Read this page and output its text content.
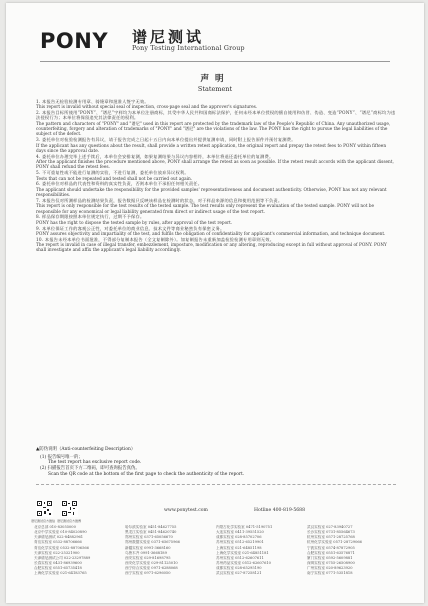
PONY 谱尼测试
Pony Testing International Group
声明
Statement
1. 本报告无检验检测专用章、骑缝章和批准人签字无效。
This report is invalid without special seal of inspection, cross-page seal and the approver's signatures.
2. 本报告目标所使用“PONY”、“谱尼”字样均为本单位注册商标，其受中华人民共和国商标法保护，任何未经本单位授权的擅自使用和仿冒、伪造、变造“PONY”、“谱尼”商标均为违法侵权行为；本单位将保留追究其法律责任的权利。
The pattern and characters of "PONY" and "谱尼" used in this report are protected by the trademark law of the People's Republic of China. Any unauthorized usage, counterfeiting, forgery and alteration of trademarks of "PONY" and "谱尼" are the violations of the law. The PONY has the right to pursue the legal liabilities of the subject of the defect.
3. 委托单位对检验检测报告有异议，请于报告完成之日起十五日内向本单位提出并提供复测申请，同时附上报告原件并预付复测费。
If the applicant has any questions about the result, shall provide a written retest application, the original report and prepay the retest fees to PONY within fifteen days since the approval date.
4. 委托单位办理完毕上述手续后，本单位会安排复测，如果复测结果与异议内容相符，本单位将退还委托单位的复测费。
After the applicant finishes the procedure mentioned above, PONY shall arrange the retest as soon as possible. If the retest result accords with the applicant dissent, PONY shall refund the retest fees.
5. 不可重复性或不能进行复测的实验，不进行复测，委托单位放弃异议权利。
Tests that can not be repeated and tested shall not be carried out again.
6. 委托单位对样品的代表性和资料的真实性负责，否则本单位不承担任何相关责任。
The applicant should undertake the responsibility for the provided samples' representativeness and document authenticity. Otherwise, PONY has not any relevant responsibilities.
7. 本报告仅对所测样品的检测结果负责，报告数据只反映该样品在检测时的状态，对于样品来源的信息和使用范围等不负责。
This report is only responsible for the test results of the tested sample. The test results only represent the evaluation of the tested sample. PONY will not be responsible for any economical or legal liability generated from direct or indirect usage of the test report.
8. 样品保存期限按照本单位规定执行，过期不予保存。
PONY has the right to dispose the tested sample by rules, after approval of the test report.
9. 本单位保证工作的客观公正性，对委托单位的商业信息、技术文件等商业秘密负有保密义务。
PONY assures objectivity and impartiality of the test, and fulfils the obligation of confidentiality for applicant's commercial information, and technique document.
10. 本报告未经本单位书面批准，不得部分复制本报告（全文复制除外）。如复制报告未重新加盖检验检测专用章则无效。
The report is invalid in case of illegal transfer, embezzlement, imposture, modification or any altering, reproducing except in full without approval of PONY. PONY shall investigate and affix the applicant's legal liability accordingly.
▲防伪说明（Anti-counterfeiting Description）
(1) 报告编号唯一的；
The test report has exclusive report code.
(2) 扫描报告首页下方二维码，即可查询报告真伪。
Scan the QR code at the bottom of the first page to check the authenticity of the report.
谱尼测试官方微信 谱尼测试官方微博
www.ponytest.com	Hotline 400-819-5688
北京总部 010-83055000
北京中学实验室 010-84020890
天津谱尼测试 022-84882961
青岛实验室 0532-88706666
青岛化学实验室 0532-88706566
天津实验室 022-25321900
天津谱尼测试公司 022-23297889
长春实验室 0431-86939600
合肥实验室 0551-65735418
上海化学实验室 021-64183765
哈尔滨实验室 0451-84627755
黑龙江实验室 0451-84620740
郑州实验室 0371-65056670
郑州数据实验室 0371-65675966
新疆实验室 0991-3668160
乌鲁木齐 0991-3668189
西安实验室 029-81698795
西安化学实验室 029-81125010
西宁综合实验室 0971-6288068
西宁实验室 0971-6296050
内蒙古化学实验室 0471-5190751
大连实验室 0411-39551520
成都实验室 028-85702706
苏州实验室 0512-65219901
上海实验室 021-64851198
上海化学实验室 021-64851181
苏州实验室 0512-62607611
苏州药品实验室 0512-62607610
成都实验室 028-65295190
武汉实验室 027-87258121
武汉实验室 027-83940727
长沙实验室 0731-85564673
杭州实验室 0571-28725768
杭州化学实验室 0571-28729066
宁波实验室 0574-87872905
合肥实验室 0551-63576871
厦门实验室 0592-5609881
深圳实验室 0755-26508900
广州实验室 020-89623920
南宁实验室 0771-5351818
